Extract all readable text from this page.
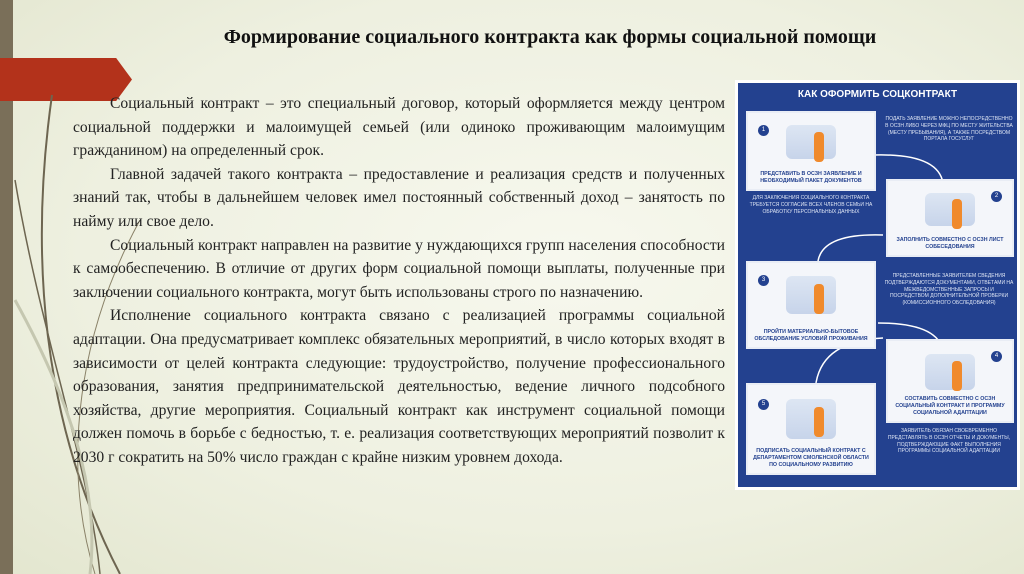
Формирование социального контракта как формы социальной помощи

Социальный контракт – это специальный договор, который оформляется между центром социальной поддержки и малоимущей семьей (или одиноко проживающим малоимущим гражданином) на определенный срок.

Главной задачей такого контракта – предоставление и реализация средств и полученных знаний так, чтобы в дальнейшем человек имел постоянный собственный доход – занятость по найму или свое дело.

Социальный контракт направлен на развитие у нуждающихся групп населения способности к самообеспечению. В отличие от других форм социальной помощи выплаты, полученные при заключении социального контракта, могут быть использованы строго по назначению.

Исполнение социального контракта связано с реализацией программы социальной адаптации. Она предусматривает комплекс обязательных мероприятий, в число которых входят в зависимости от целей контракта следующие: трудоустройство, получение профессионального образования, занятия предпринимательской деятельностью, ведение личного подсобного хозяйства, другие мероприятия. Социальный контракт как инструмент социальной помощи должен помочь в борьбе с бедностью, т. е. реализация соответствующих мероприятий позволит к 2030 г сократить на 50% число граждан с крайне низким уровнем дохода.

КАК ОФОРМИТЬ СОЦКОНТРАКТ
1
ПРЕДСТАВИТЬ В ОСЗН ЗАЯВЛЕНИЕ И НЕОБХОДИМЫЙ ПАКЕТ ДОКУМЕНТОВ
2
ЗАПОЛНИТЬ СОВМЕСТНО С ОСЗН ЛИСТ СОБЕСЕДОВАНИЯ
3
ПРОЙТИ МАТЕРИАЛЬНО-БЫТОВОЕ ОБСЛЕДОВАНИЕ УСЛОВИЙ ПРОЖИВАНИЯ
4
СОСТАВИТЬ СОВМЕСТНО С ОСЗН СОЦИАЛЬНЫЙ КОНТРАКТ И ПРОГРАММУ СОЦИАЛЬНОЙ АДАПТАЦИИ
5
ПОДПИСАТЬ СОЦИАЛЬНЫЙ КОНТРАКТ С ДЕПАРТАМЕНТОМ СМОЛЕНСКОЙ ОБЛАСТИ ПО СОЦИАЛЬНОМУ РАЗВИТИЮ
ПОДАТЬ ЗАЯВЛЕНИЕ МОЖНО НЕПОСРЕДСТВЕННО В ОСЗН ЛИБО ЧЕРЕЗ МФЦ ПО МЕСТУ ЖИТЕЛЬСТВА (МЕСТУ ПРЕБЫВАНИЯ), А ТАКЖЕ ПОСРЕДСТВОМ ПОРТАЛА ГОСУСЛУГ
ДЛЯ ЗАКЛЮЧЕНИЯ СОЦИАЛЬНОГО КОНТРАКТА ТРЕБУЕТСЯ СОГЛАСИЕ ВСЕХ ЧЛЕНОВ СЕМЬИ НА ОБРАБОТКУ ПЕРСОНАЛЬНЫХ ДАННЫХ
ПРЕДСТАВЛЕННЫЕ ЗАЯВИТЕЛЕМ СВЕДЕНИЯ ПОДТВЕРЖДАЮТСЯ ДОКУМЕНТАМИ, ОТВЕТАМИ НА МЕЖВЕДОМСТВЕННЫЕ ЗАПРОСЫ И ПОСРЕДСТВОМ ДОПОЛНИТЕЛЬНОЙ ПРОВЕРКИ (КОМИССИОННОГО ОБСЛЕДОВАНИЯ)
ЗАЯВИТЕЛЬ ОБЯЗАН СВОЕВРЕМЕННО ПРЕДСТАВЛЯТЬ В ОСЗН ОТЧЕТЫ И ДОКУМЕНТЫ, ПОДТВЕРЖДАЮЩИЕ ФАКТ ВЫПОЛНЕНИЯ ПРОГРАММЫ СОЦИАЛЬНОЙ АДАПТАЦИИ
